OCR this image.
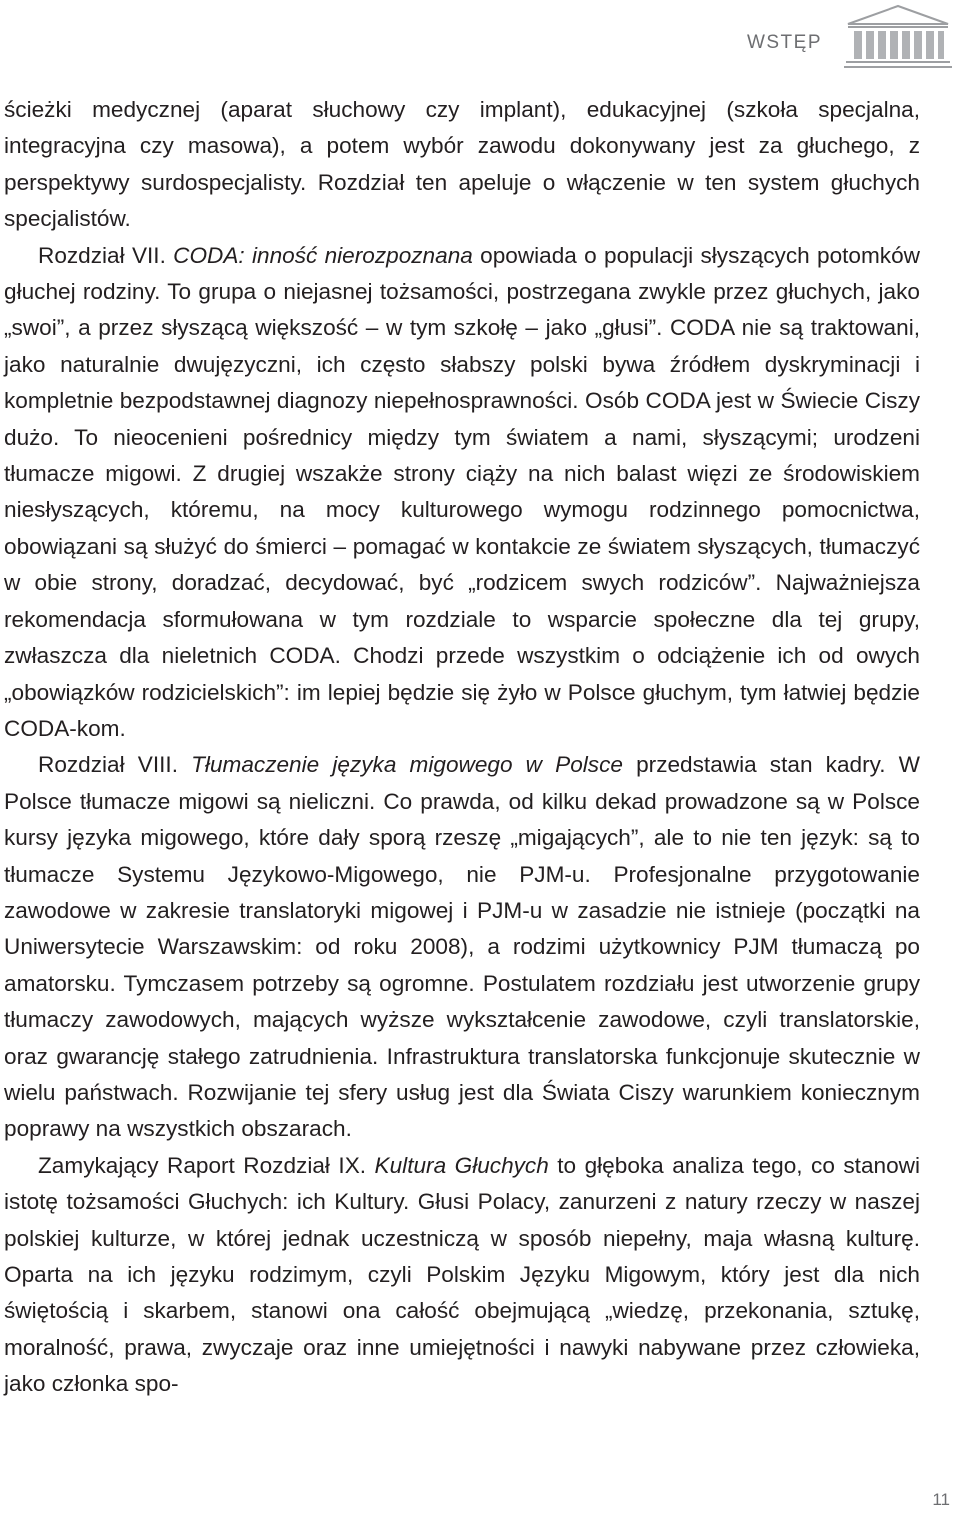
WSTĘP

ścieżki medycznej (aparat słuchowy czy implant), edukacyjnej (szkoła specjalna, integracyjna czy masowa), a potem wybór zawodu dokonywany jest za głuchego, z perspektywy surdospecjalisty. Rozdział ten apeluje o włączenie w ten system głuchych specjalistów.

Rozdział VII. CODA: inność nierozpoznana opowiada o populacji słyszących potomków głuchej rodziny. To grupa o niejasnej tożsamości, postrzegana zwykle przez głuchych, jako „swoi”, a przez słyszącą większość – w tym szkołę – jako „głusi”. CODA nie są traktowani, jako naturalnie dwujęzyczni, ich często słabszy polski bywa źródłem dyskryminacji i kompletnie bezpodstawnej diagnozy niepełnosprawności. Osób CODA jest w Świecie Ciszy dużo. To nieocenieni pośrednicy między tym światem a nami, słyszącymi; urodzeni tłumacze migowi. Z drugiej wszakże strony ciąży na nich balast więzi ze środowiskiem niesłyszących, któremu, na mocy kulturowego wymogu rodzinnego pomocnictwa, obowiązani są służyć do śmierci – pomagać w kontakcie ze światem słyszących, tłumaczyć w obie strony, doradzać, decydować, być „rodzicem swych rodziców”. Najważniejsza rekomendacja sformułowana w tym rozdziale to wsparcie społeczne dla tej grupy, zwłaszcza dla nieletnich CODA. Chodzi przede wszystkim o odciążenie ich od owych „obowiązków rodzicielskich”: im lepiej będzie się żyło w Polsce głuchym, tym łatwiej będzie CODA-kom.

Rozdział VIII. Tłumaczenie języka migowego w Polsce przedstawia stan kadry. W Polsce tłumacze migowi są nieliczni. Co prawda, od kilku dekad prowadzone są w Polsce kursy języka migowego, które dały sporą rzeszę „migających”, ale to nie ten język: są to tłumacze Systemu Językowo-Migowego, nie PJM-u. Profesjonalne przygotowanie zawodowe w zakresie translatoryki migowej i PJM-u w zasadzie nie istnieje (początki na Uniwersytecie Warszawskim: od roku 2008), a rodzimi użytkownicy PJM tłumaczą po amatorsku. Tymczasem potrzeby są ogromne. Postulatem rozdziału jest utworzenie grupy tłumaczy zawodowych, mających wyższe wykształcenie zawodowe, czyli translatorskie, oraz gwarancję stałego zatrudnienia. Infrastruktura translatorska funkcjonuje skutecznie w wielu państwach. Rozwijanie tej sfery usług jest dla Świata Ciszy warunkiem koniecznym poprawy na wszystkich obszarach.

Zamykający Raport Rozdział IX. Kultura Głuchych to głęboka analiza tego, co stanowi istotę tożsamości Głuchych: ich Kultury. Głusi Polacy, zanurzeni z natury rzeczy w naszej polskiej kulturze, w której jednak uczestniczą w sposób niepełny, maja własną kulturę. Oparta na ich języku rodzimym, czyli Polskim Języku Migowym, który jest dla nich świętością i skarbem, stanowi ona całość obejmującą „wiedzę, przekonania, sztukę, moralność, prawa, zwyczaje oraz inne umiejętności i nawyki nabywane przez człowieka, jako członka spo-

11
